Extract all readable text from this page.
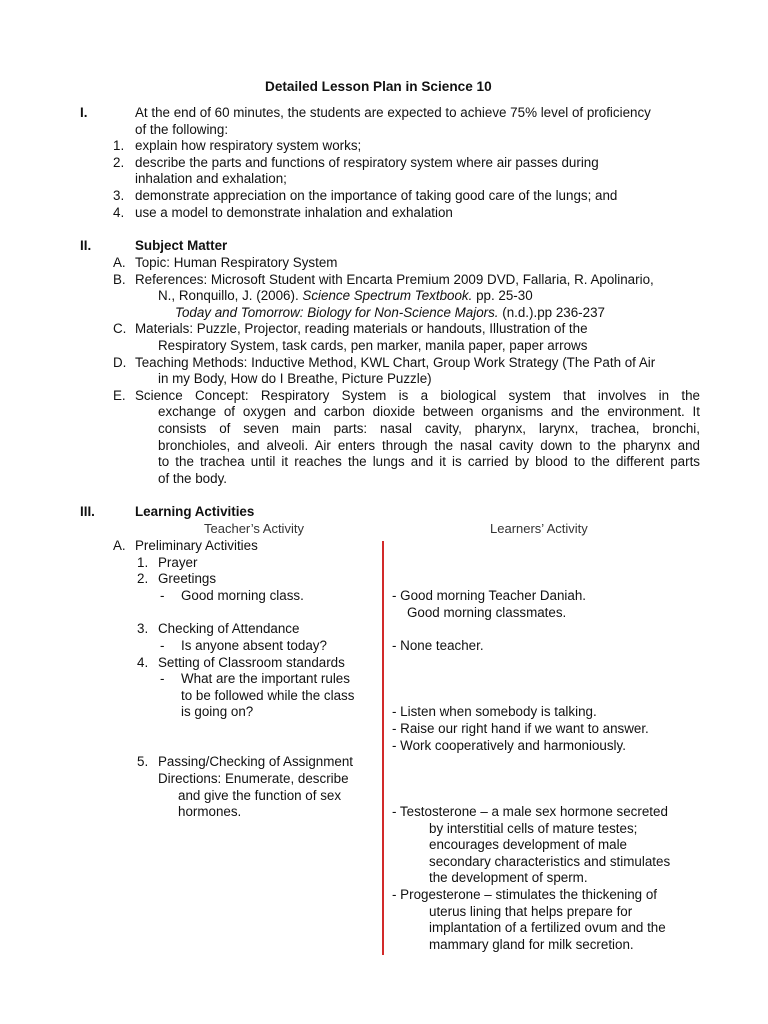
Detailed Lesson Plan in Science 10
I.	At the end of 60 minutes, the students are expected to achieve 75% level of proficiency
of the following:
1. explain how respiratory system works;
2. describe the parts and functions of respiratory system where air passes during
inhalation and exhalation;
3. demonstrate appreciation on the importance of taking good care of the lungs; and
4. use a model to demonstrate inhalation and exhalation
II.	Subject Matter
A. Topic: Human Respiratory System
B. References: Microsoft Student with Encarta Premium 2009 DVD, Fallaria, R. Apolinario,
N., Ronquillo, J. (2006). Science Spectrum Textbook. pp. 25-30
Today and Tomorrow: Biology for Non-Science Majors. (n.d.).pp 236-237
C. Materials: Puzzle, Projector, reading materials or handouts, Illustration of the
Respiratory System, task cards, pen marker, manila paper, paper arrows
D. Teaching Methods: Inductive Method, KWL Chart, Group Work Strategy (The Path of Air
in my Body, How do I Breathe, Picture Puzzle)
E. Science Concept: Respiratory System is a biological system that involves in the
exchange of oxygen and carbon dioxide between organisms and the environment. It
consists of seven main parts: nasal cavity, pharynx, larynx, trachea, bronchi,
bronchioles, and alveoli. Air enters through the nasal cavity down to the pharynx and
to the trachea until it reaches the lungs and it is carried by blood to the different parts
of the body.
III.	Learning Activities
Teacher’s Activity	Learners’ Activity
A. Preliminary Activities
1. Prayer
2. Greetings
- Good morning class.	- Good morning Teacher Daniah.
Good morning classmates.
3. Checking of Attendance
- Is anyone absent today?	- None teacher.
4. Setting of Classroom standards
- What are the important rules
to be followed while the class
is going on?	- Listen when somebody is talking.
- Raise our right hand if we want to answer.
- Work cooperatively and harmoniously.
5. Passing/Checking of Assignment
Directions: Enumerate, describe
and give the function of sex
hormones.	- Testosterone – a male sex hormone secreted
by interstitial cells of mature testes;
encourages development of male
secondary characteristics and stimulates
the development of sperm.
- Progesterone – stimulates the thickening of
uterus lining that helps prepare for
implantation of a fertilized ovum and the
mammary gland for milk secretion.
